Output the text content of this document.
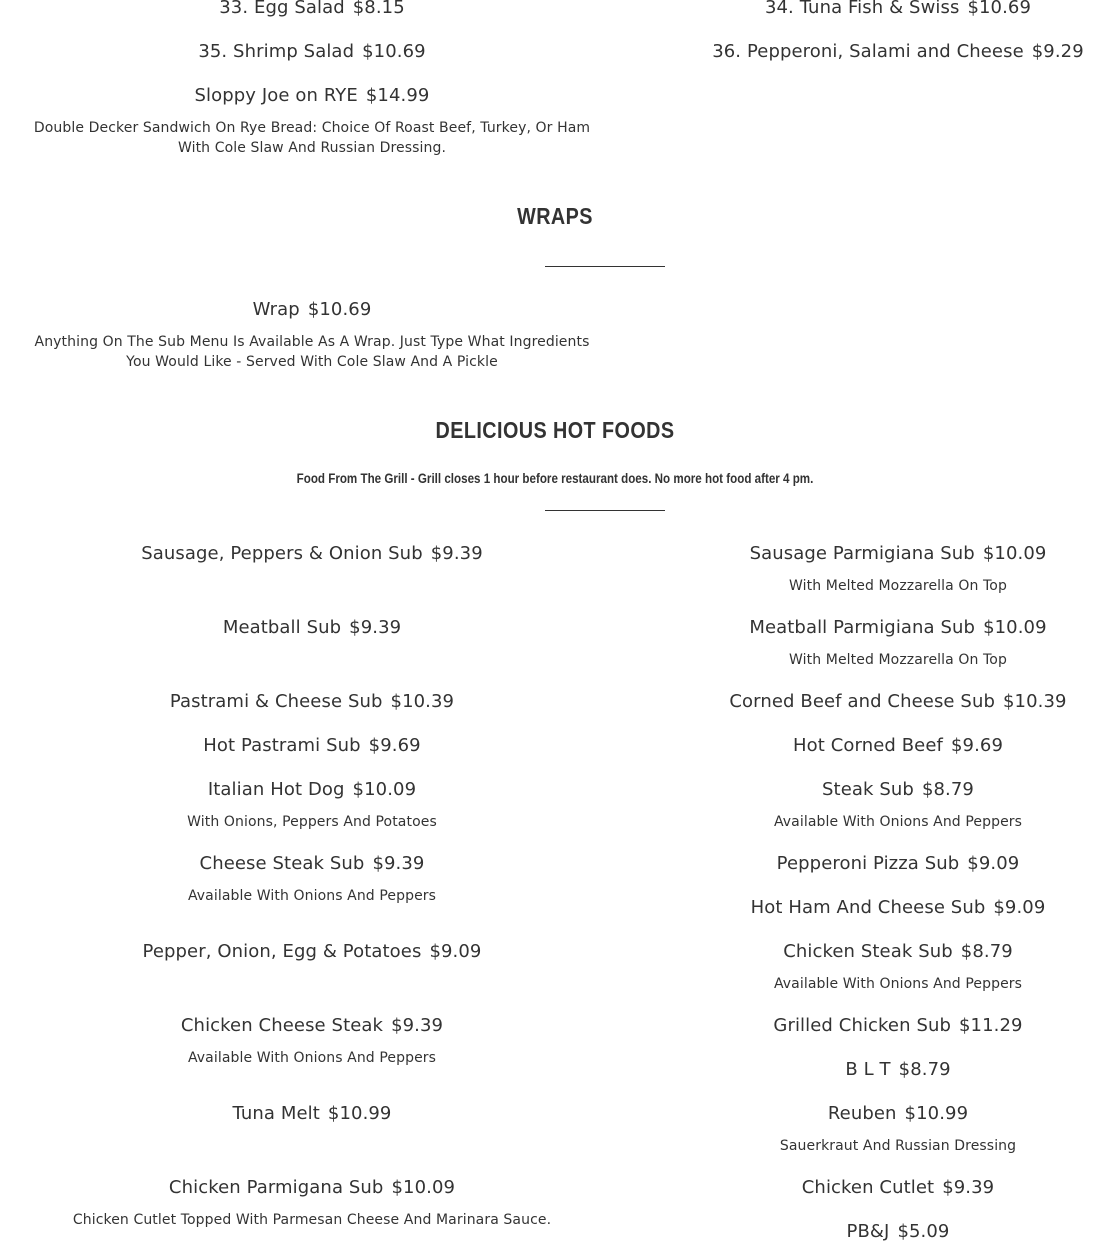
33. Egg Salad $8.15
35. Shrimp Salad $10.69
Sloppy Joe on RYE $14.99
Double Decker Sandwich On Rye Bread: Choice Of Roast Beef, Turkey, Or Ham
With Cole Slaw And Russian Dressing.
34. Tuna Fish & Swiss $10.69
36. Pepperoni, Salami and Cheese $9.29
WRAPS
Wrap $10.69
Anything On The Sub Menu Is Available As A Wrap. Just Type What Ingredients
You Would Like - Served With Cole Slaw And A Pickle
DELICIOUS HOT FOODS
Food From The Grill - Grill closes 1 hour before restaurant does. No more hot food after 4 pm.
Sausage, Peppers & Onion Sub $9.39
Meatball Sub $9.39
Pastrami & Cheese Sub $10.39
Hot Pastrami Sub $9.69
Italian Hot Dog $10.09
With Onions, Peppers And Potatoes
Cheese Steak Sub $9.39
Available With Onions And Peppers
Pepper, Onion, Egg & Potatoes $9.09
Chicken Cheese Steak $9.39
Available With Onions And Peppers
Tuna Melt $10.99
Chicken Parmigana Sub $10.09
Chicken Cutlet Topped With Parmesan Cheese And Marinara Sauce.
Sausage Parmigiana Sub $10.09
With Melted Mozzarella On Top
Meatball Parmigiana Sub $10.09
With Melted Mozzarella On Top
Corned Beef and Cheese Sub $10.39
Hot Corned Beef $9.69
Steak Sub $8.79
Available With Onions And Peppers
Pepperoni Pizza Sub $9.09
Hot Ham And Cheese Sub $9.09
Chicken Steak Sub $8.79
Available With Onions And Peppers
Grilled Chicken Sub $11.29
B L T $8.79
Reuben $10.99
Sauerkraut And Russian Dressing
Chicken Cutlet $9.39
PB&J $5.09
